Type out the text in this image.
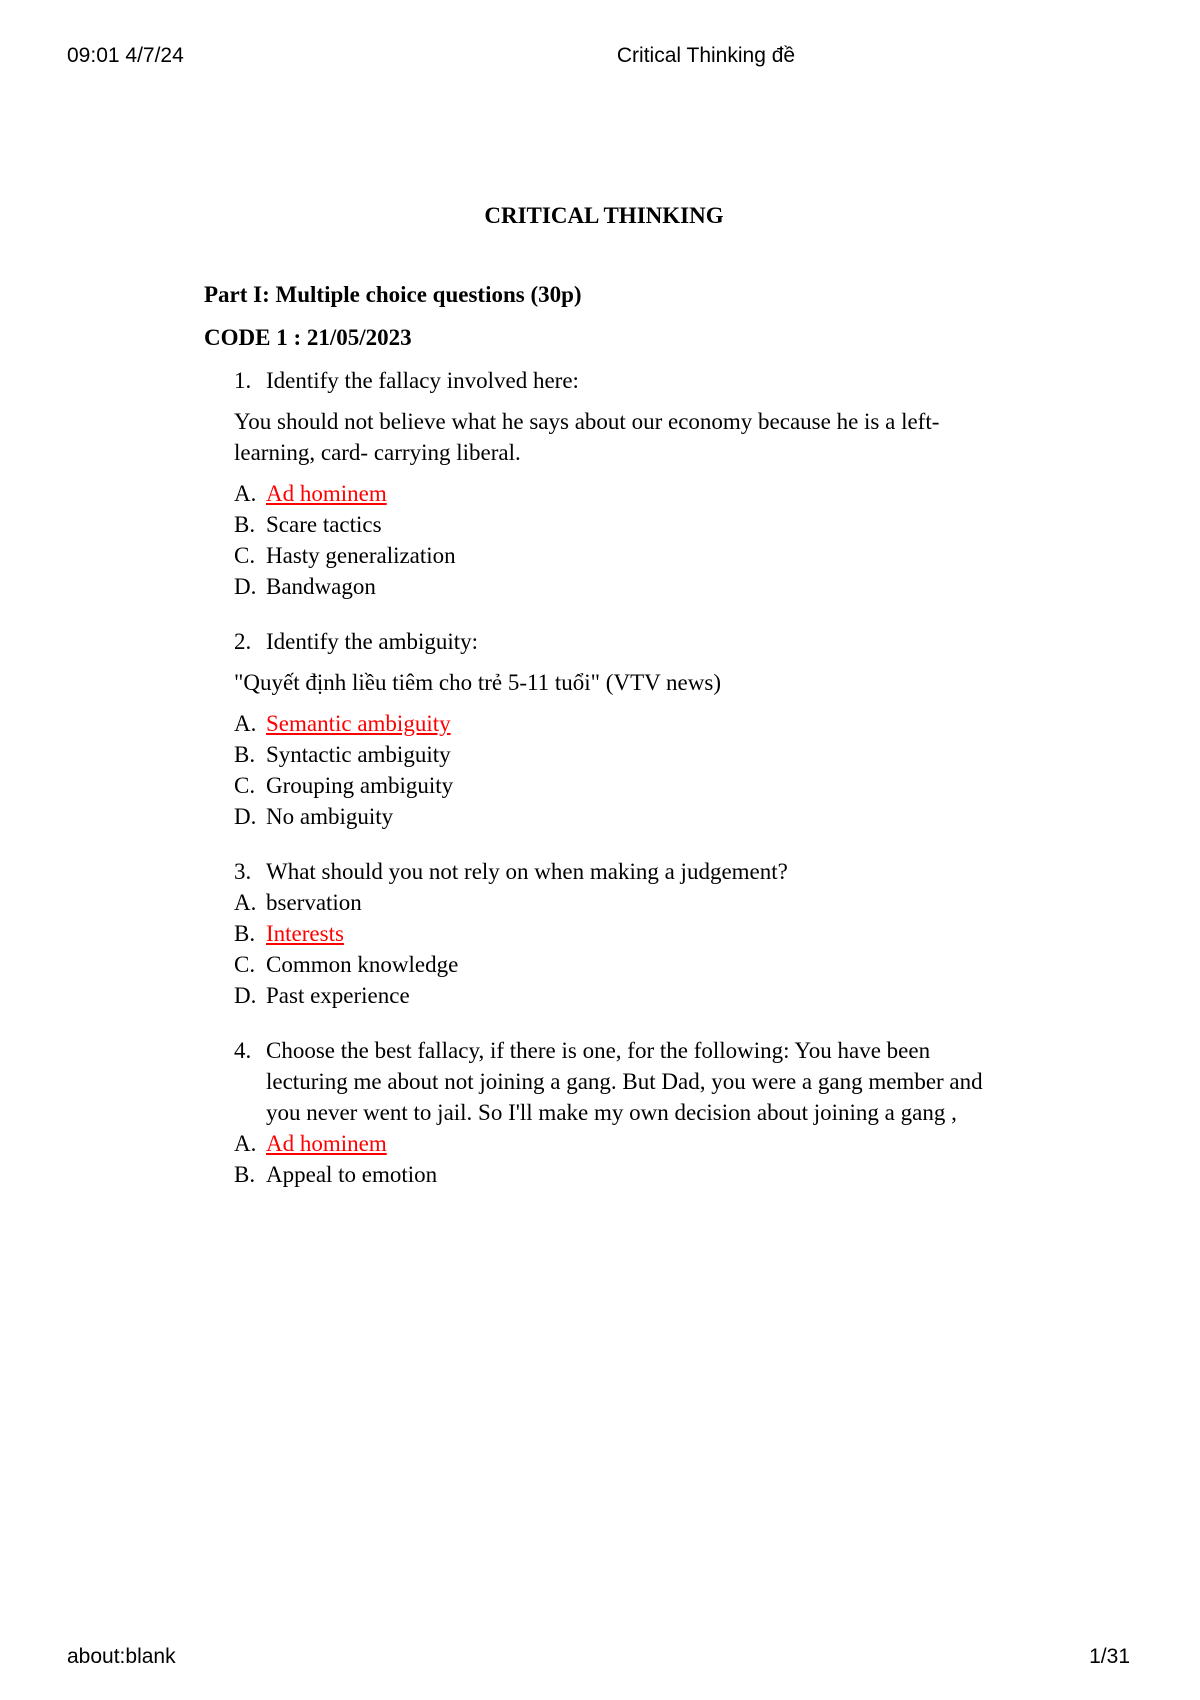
09:01 4/7/24	Critical Thinking đề
CRITICAL THINKING
Part I: Multiple choice questions (30p)
CODE 1 : 21/05/2023
1. Identify the fallacy involved here:
You should not believe what he says about our economy because he is a left-learning, card- carrying liberal.
A. Ad hominem
B. Scare tactics
C. Hasty generalization
D. Bandwagon
2. Identify the ambiguity:
"Quyết định liều tiêm cho trẻ 5-11 tuổi" (VTV news)
A. Semantic ambiguity
B. Syntactic ambiguity
C. Grouping ambiguity
D. No ambiguity
3. What should you not rely on when making a judgement?
A. bservation
B. Interests
C. Common knowledge
D. Past experience
4. Choose the best fallacy, if there is one, for the following: You have been lecturing me about not joining a gang. But Dad, you were a gang member and you never went to jail. So I'll make my own decision about joining a gang ,
A. Ad hominem
B. Appeal to emotion
about:blank	1/31
